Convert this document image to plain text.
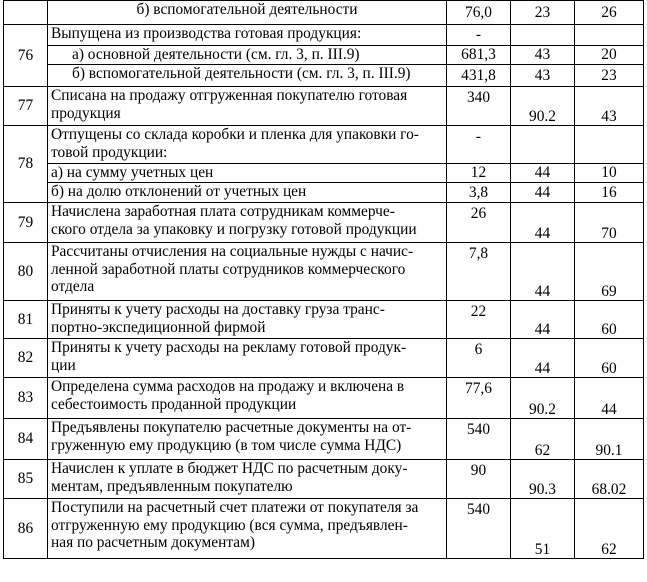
	б) вспомогательной деятельности	76,0	23	26
76	Выпущена из производства готовая продукция:	-		

	а) основной деятельности (см. гл. 3, п. III.9)	681,3	43	20

	б) вспомогательной деятельности (см. гл. 3, п. III.9)	431,8	43	23
77	Списана на продажу отгруженная покупателю готовая
продукция	340	90.2	43
78	Отпущены со склада коробки и пленка для упаковки го-
товой продукции:	-		

	а) на сумму учетных цен	12	44	10

	б) на долю отклонений от учетных цен	3,8	44	16
79	Начислена заработная плата сотрудникам коммерче-
ского отдела за упаковку и погрузку готовой продукции	26	44	70
80	Рассчитаны отчисления на социальные нужды с начис-
ленной заработной платы сотрудников коммерческого
отдела	7,8	44	69
81	Приняты к учету расходы на доставку груза транс-
портно-экспедиционной фирмой	22	44	60
82	Приняты к учету расходы на рекламу готовой продук-
ции	6	44	60
83	Определена сумма расходов на продажу и включена в
себестоимость проданной продукции	77,6	90.2	44
84	Предъявлены покупателю расчетные документы на от-
груженную ему продукцию (в том числе сумма НДС)	540	62	90.1
85	Начислен к уплате в бюджет НДС по расчетным доку-
ментам, предъявленным покупателю	90	90.3	68.02
86	Поступили на расчетный счет платежи от покупателя за
отгруженную ему продукцию (вся сумма, предъявлен-
ная по расчетным документам)	540	51	62
